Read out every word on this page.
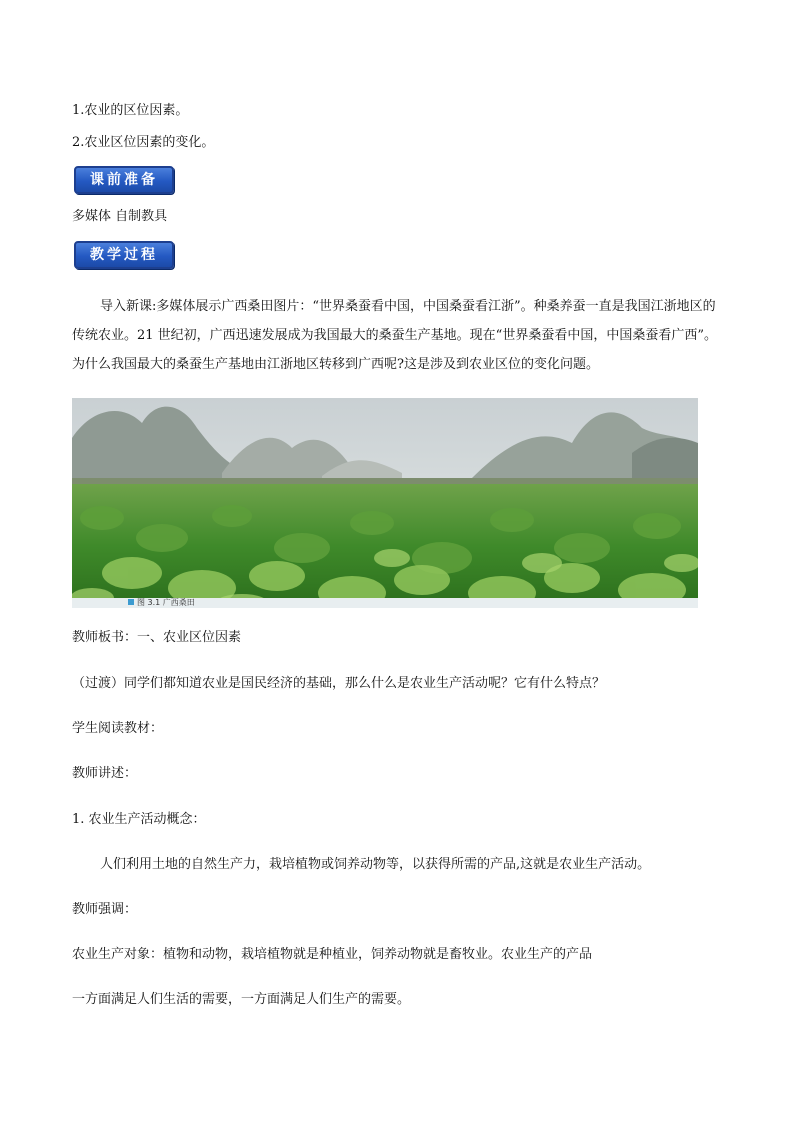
1.农业的区位因素。
2.农业区位因素的变化。
课前准备
多媒体 自制教具
教学过程
导入新课:多媒体展示广西桑田图片：“世界桑蚕看中国，中国桑蚕看江浙”。种桑养蚕一直是我国江浙地区的传统农业。21 世纪初，广西迅速发展成为我国最大的桑蚕生产基地。现在“世界桑蚕看中国，中国桑蚕看广西”。为什么我国最大的桑蚕生产基地由江浙地区转移到广西呢?这是涉及到农业区位的变化问题。
图 3.1 广西桑田
教师板书：一、农业区位因素
（过渡）同学们都知道农业是国民经济的基础，那么什么是农业生产活动呢？它有什么特点？
学生阅读教材：
教师讲述：
1. 农业生产活动概念：
人们利用土地的自然生产力，栽培植物或饲养动物等，以获得所需的产品,这就是农业生产活动。
教师强调：
农业生产对象：植物和动物，栽培植物就是种植业，饲养动物就是畜牧业。农业生产的产品
一方面满足人们生活的需要，一方面满足人们生产的需要。
